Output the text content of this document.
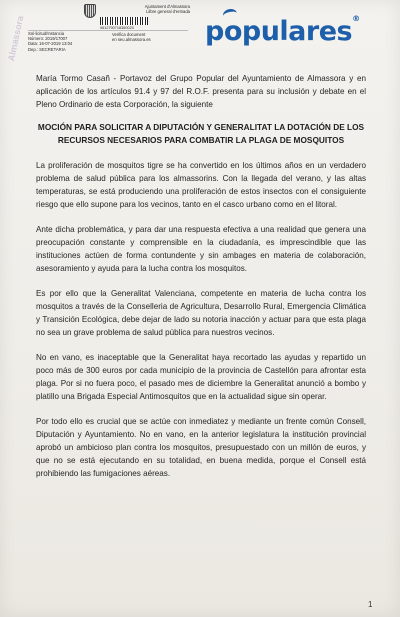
Ajuntament d'Almassora
Llibre general d'entrada
0612790718360023
Sol·licitud/Instancia
Número: 2019/17007
Data: 16-07-2019 13:04
Dep.: SECRETARIA
Verifica document
en seu.almassora.es	populares®
Almassora

María Tormo Casañ - Portavoz del Grupo Popular del Ayuntamiento de Almassora y en aplicación de los artículos 91.4 y 97 del R.O.F. presenta para su inclusión y debate en el Pleno Ordinario de esta Corporación, la siguiente

MOCIÓN PARA SOLICITAR A DIPUTACIÓN Y GENERALITAT LA DOTACIÓN DE LOS RECURSOS NECESARIOS PARA COMBATIR LA PLAGA DE MOSQUITOS

La proliferación de mosquitos tigre se ha convertido en los últimos años en un verdadero problema de salud pública para los almassorins. Con la llegada del verano, y las altas temperaturas, se está produciendo una proliferación de estos insectos con el consiguiente riesgo que ello supone para los vecinos, tanto en el casco urbano como en el litoral.

Ante dicha problemática, y para dar una respuesta efectiva a una realidad que genera una preocupación constante y comprensible en la ciudadanía, es imprescindible que las instituciones actúen de forma contundente y sin ambages en materia de colaboración, asesoramiento y ayuda para la lucha contra los mosquitos.

Es por ello que la Generalitat Valenciana, competente en materia de lucha contra los mosquitos a través de la Conselleria de Agricultura, Desarrollo Rural, Emergencia Climática y Transición Ecológica, debe dejar de lado su notoria inacción y actuar para que esta plaga no sea un grave problema de salud pública para nuestros vecinos.

No en vano, es inaceptable que la Generalitat haya recortado las ayudas y repartido un poco más de 300 euros por cada municipio de la provincia de Castellón para afrontar esta plaga. Por si no fuera poco, el pasado mes de diciembre la Generalitat anunció a bombo y platillo una Brigada Especial Antimosquitos que en la actualidad sigue sin operar.

Por todo ello es crucial que se actúe con inmediatez y mediante un frente común Consell, Diputación y Ayuntamiento. No en vano, en la anterior legislatura la institución provincial aprobó un ambicioso plan contra los mosquitos, presupuestado con un millón de euros, y que no se está ejecutando en su totalidad, en buena medida, porque el Consell está prohibiendo las fumigaciones aéreas.

1
